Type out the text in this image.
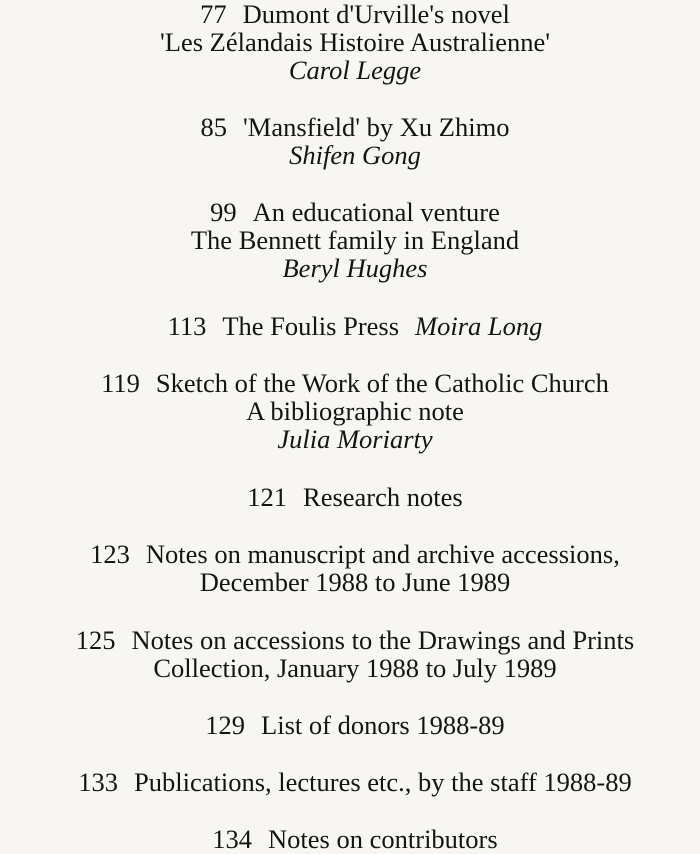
77 Dumont d'Urville's novel
'Les Zélandais Histoire Australienne'
Carol Legge
85 'Mansfield' by Xu Zhimo
Shifen Gong
99 An educational venture
The Bennett family in England
Beryl Hughes
113 The Foulis Press Moira Long
119 Sketch of the Work of the Catholic Church
A bibliographic note
Julia Moriarty
121 Research notes
123 Notes on manuscript and archive accessions,
December 1988 to June 1989
125 Notes on accessions to the Drawings and Prints
Collection, January 1988 to July 1989
129 List of donors 1988-89
133 Publications, lectures etc., by the staff 1988-89
134 Notes on contributors
